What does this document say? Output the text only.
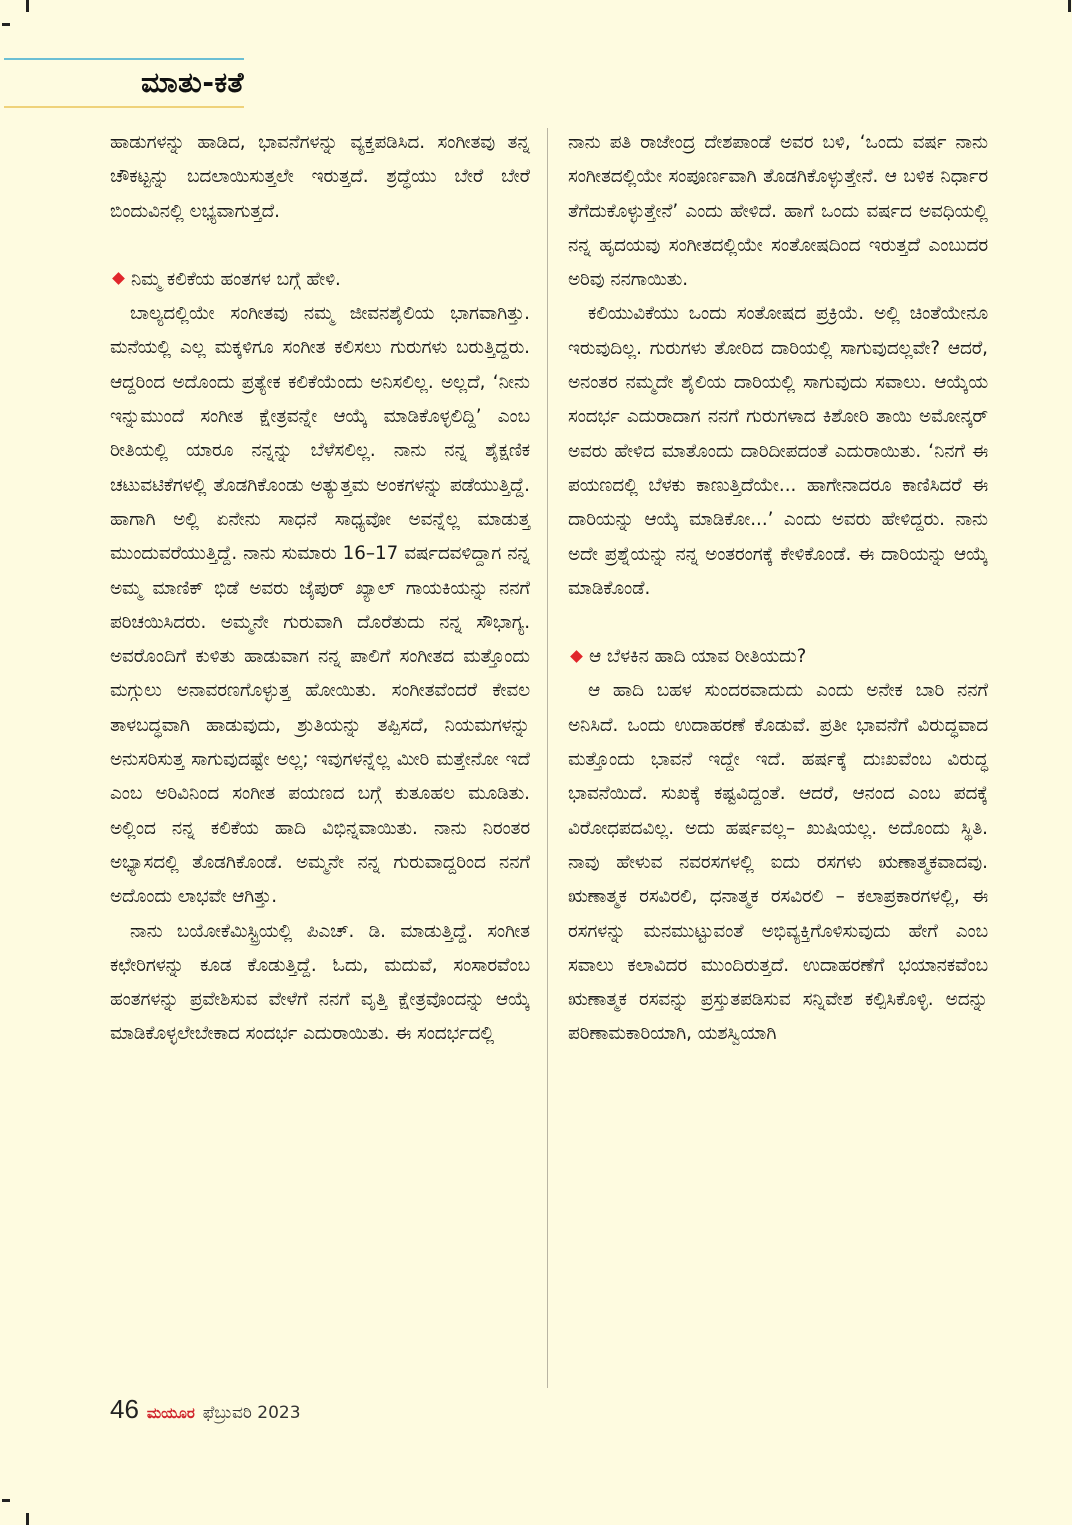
ಮಾತು-ಕತೆ

ಹಾಡುಗಳನ್ನು ಹಾಡಿದ, ಭಾವನೆಗಳನ್ನು ವ್ಯಕ್ತಪಡಿಸಿದ. ಸಂಗೀತವು ತನ್ನ ಚೌಕಟ್ಟನ್ನು ಬದಲಾಯಿಸುತ್ತಲೇ ಇರುತ್ತದೆ. ಶ್ರದ್ಧೆಯು ಬೇರೆ ಬೇರೆ ಬಿಂದುವಿನಲ್ಲಿ ಲಭ್ಯವಾಗುತ್ತದೆ.

ನಿಮ್ಮ ಕಲಿಕೆಯ ಹಂತಗಳ ಬಗ್ಗೆ ಹೇಳಿ.

ಬಾಲ್ಯದಲ್ಲಿಯೇ ಸಂಗೀತವು ನಮ್ಮ ಜೀವನಶೈಲಿಯ ಭಾಗವಾಗಿತ್ತು. ಮನೆಯಲ್ಲಿ ಎಲ್ಲ ಮಕ್ಕಳಿಗೂ ಸಂಗೀತ ಕಲಿಸಲು ಗುರುಗಳು ಬರುತ್ತಿದ್ದರು. ಆದ್ದರಿಂದ ಅದೊಂದು ಪ್ರತ್ಯೇಕ ಕಲಿಕೆಯೆಂದು ಅನಿಸಲಿಲ್ಲ. ಅಲ್ಲದೆ, ‘ನೀನು ಇನ್ನುಮುಂದೆ ಸಂಗೀತ ಕ್ಷೇತ್ರವನ್ನೇ ಆಯ್ಕೆ ಮಾಡಿಕೊಳ್ಳಲಿದ್ದಿ’ ಎಂಬ ರೀತಿಯಲ್ಲಿ ಯಾರೂ ನನ್ನನ್ನು ಬೆಳೆಸಲಿಲ್ಲ. ನಾನು ನನ್ನ ಶೈಕ್ಷಣಿಕ ಚಟುವಟಿಕೆಗಳಲ್ಲಿ ತೊಡಗಿಕೊಂಡು ಅತ್ಯುತ್ತಮ ಅಂಕಗಳನ್ನು ಪಡೆಯುತ್ತಿದ್ದೆ. ಹಾಗಾಗಿ ಅಲ್ಲಿ ಏನೇನು ಸಾಧನೆ ಸಾಧ್ಯವೋ ಅವನ್ನೆಲ್ಲ ಮಾಡುತ್ತ ಮುಂದುವರೆಯುತ್ತಿದ್ದೆ. ನಾನು ಸುಮಾರು 16–17 ವರ್ಷದವಳಿದ್ದಾಗ ನನ್ನ ಅಮ್ಮ ಮಾಣಿಕ್ ಭಿಡೆ ಅವರು ಜೈಪುರ್ ಖ್ಯಾಲ್ ಗಾಯಕಿಯನ್ನು ನನಗೆ ಪರಿಚಯಿಸಿದರು. ಅಮ್ಮನೇ ಗುರುವಾಗಿ ದೊರೆತುದು ನನ್ನ ಸೌಭಾಗ್ಯ. ಅವರೊಂದಿಗೆ ಕುಳಿತು ಹಾಡುವಾಗ ನನ್ನ ಪಾಲಿಗೆ ಸಂಗೀತದ ಮತ್ತೊಂದು ಮಗ್ಗುಲು ಅನಾವರಣಗೊಳ್ಳುತ್ತ ಹೋಯಿತು. ಸಂಗೀತವೆಂದರೆ ಕೇವಲ ತಾಳಬದ್ಧವಾಗಿ ಹಾಡುವುದು, ಶ್ರುತಿಯನ್ನು ತಪ್ಪಿಸದೆ, ನಿಯಮಗಳನ್ನು ಅನುಸರಿಸುತ್ತ ಸಾಗುವುದಷ್ಟೇ ಅಲ್ಲ; ಇವುಗಳನ್ನೆಲ್ಲ ಮೀರಿ ಮತ್ತೇನೋ ಇದೆ ಎಂಬ ಅರಿವಿನಿಂದ ಸಂಗೀತ ಪಯಣದ ಬಗ್ಗೆ ಕುತೂಹಲ ಮೂಡಿತು. ಅಲ್ಲಿಂದ ನನ್ನ ಕಲಿಕೆಯ ಹಾದಿ ವಿಭಿನ್ನವಾಯಿತು. ನಾನು ನಿರಂತರ ಅಭ್ಯಾಸದಲ್ಲಿ ತೊಡಗಿಕೊಂಡೆ. ಅಮ್ಮನೇ ನನ್ನ ಗುರುವಾದ್ದರಿಂದ ನನಗೆ ಅದೊಂದು ಲಾಭವೇ ಆಗಿತ್ತು.

ನಾನು ಬಯೋಕೆಮಿಸ್ಟ್ರಿಯಲ್ಲಿ ಪಿಎಚ್. ಡಿ. ಮಾಡುತ್ತಿದ್ದೆ. ಸಂಗೀತ ಕಛೇರಿಗಳನ್ನು ಕೂಡ ಕೊಡುತ್ತಿದ್ದೆ. ಓದು, ಮದುವೆ, ಸಂಸಾರವೆಂಬ ಹಂತಗಳನ್ನು ಪ್ರವೇಶಿಸುವ ವೇಳೆಗೆ ನನಗೆ ವೃತ್ತಿ ಕ್ಷೇತ್ರವೊಂದನ್ನು ಆಯ್ಕೆ ಮಾಡಿಕೊಳ್ಳಲೇಬೇಕಾದ ಸಂದರ್ಭ ಎದುರಾಯಿತು. ಈ ಸಂದರ್ಭದಲ್ಲಿ

ನಾನು ಪತಿ ರಾಜೇಂದ್ರ ದೇಶಪಾಂಡೆ ಅವರ ಬಳಿ, ‘ಒಂದು ವರ್ಷ ನಾನು ಸಂಗೀತದಲ್ಲಿಯೇ ಸಂಪೂರ್ಣವಾಗಿ ತೊಡಗಿಕೊಳ್ಳುತ್ತೇನೆ. ಆ ಬಳಿಕ ನಿರ್ಧಾರ ತೆಗೆದುಕೊಳ್ಳುತ್ತೇನೆ’ ಎಂದು ಹೇಳಿದೆ. ಹಾಗೆ ಒಂದು ವರ್ಷದ ಅವಧಿಯಲ್ಲಿ ನನ್ನ ಹೃದಯವು ಸಂಗೀತದಲ್ಲಿಯೇ ಸಂತೋಷದಿಂದ ಇರುತ್ತದೆ ಎಂಬುದರ ಅರಿವು ನನಗಾಯಿತು.

ಕಲಿಯುವಿಕೆಯು ಒಂದು ಸಂತೋಷದ ಪ್ರಕ್ರಿಯೆ. ಅಲ್ಲಿ ಚಿಂತೆಯೇನೂ ಇರುವುದಿಲ್ಲ. ಗುರುಗಳು ತೋರಿದ ದಾರಿಯಲ್ಲಿ ಸಾಗುವುದಲ್ಲವೇ? ಆದರೆ, ಅನಂತರ ನಮ್ಮದೇ ಶೈಲಿಯ ದಾರಿಯಲ್ಲಿ ಸಾಗುವುದು ಸವಾಲು. ಆಯ್ಕೆಯ ಸಂದರ್ಭ ಎದುರಾದಾಗ ನನಗೆ ಗುರುಗಳಾದ ಕಿಶೋರಿ ತಾಯಿ ಅಮೋನ್ಕರ್ ಅವರು ಹೇಳಿದ ಮಾತೊಂದು ದಾರಿದೀಪದಂತೆ ಎದುರಾಯಿತು. ‘ನಿನಗೆ ಈ ಪಯಣದಲ್ಲಿ ಬೆಳಕು ಕಾಣುತ್ತಿದೆಯೇ... ಹಾಗೇನಾದರೂ ಕಾಣಿಸಿದರೆ ಈ ದಾರಿಯನ್ನು ಆಯ್ಕೆ ಮಾಡಿಕೋ...’ ಎಂದು ಅವರು ಹೇಳಿದ್ದರು. ನಾನು ಅದೇ ಪ್ರಶ್ನೆಯನ್ನು ನನ್ನ ಅಂತರಂಗಕ್ಕೆ ಕೇಳಿಕೊಂಡೆ. ಈ ದಾರಿಯನ್ನು ಆಯ್ಕೆ ಮಾಡಿಕೊಂಡೆ.

ಆ ಬೆಳಕಿನ ಹಾದಿ ಯಾವ ರೀತಿಯದು?

ಆ ಹಾದಿ ಬಹಳ ಸುಂದರವಾದುದು ಎಂದು ಅನೇಕ ಬಾರಿ ನನಗೆ ಅನಿಸಿದೆ. ಒಂದು ಉದಾಹರಣೆ ಕೊಡುವೆ. ಪ್ರತೀ ಭಾವನೆಗೆ ವಿರುದ್ಧವಾದ ಮತ್ತೊಂದು ಭಾವನೆ ಇದ್ದೇ ಇದೆ. ಹರ್ಷಕ್ಕೆ ದುಃಖವೆಂಬ ವಿರುದ್ಧ ಭಾವನೆಯಿದೆ. ಸುಖಕ್ಕೆ ಕಷ್ಟವಿದ್ದಂತೆ. ಆದರೆ, ಆನಂದ ಎಂಬ ಪದಕ್ಕೆ ವಿರೋಧಪದವಿಲ್ಲ. ಅದು ಹರ್ಷವಲ್ಲ– ಖುಷಿಯಲ್ಲ. ಅದೊಂದು ಸ್ಥಿತಿ. ನಾವು ಹೇಳುವ ನವರಸಗಳಲ್ಲಿ ಐದು ರಸಗಳು ಋಣಾತ್ಮಕವಾದವು. ಋಣಾತ್ಮಕ ರಸವಿರಲಿ, ಧನಾತ್ಮಕ ರಸವಿರಲಿ – ಕಲಾಪ್ರಕಾರಗಳಲ್ಲಿ, ಈ ರಸಗಳನ್ನು ಮನಮುಟ್ಟುವಂತೆ ಅಭಿವ್ಯಕ್ತಿಗೊಳಿಸುವುದು ಹೇಗೆ ಎಂಬ ಸವಾಲು ಕಲಾವಿದರ ಮುಂದಿರುತ್ತದೆ. ಉದಾಹರಣೆಗೆ ಭಯಾನಕವೆಂಬ ಋಣಾತ್ಮಕ ರಸವನ್ನು ಪ್ರಸ್ತುತಪಡಿಸುವ ಸನ್ನಿವೇಶ ಕಲ್ಪಿಸಿಕೊಳ್ಳಿ. ಅದನ್ನು ಪರಿಣಾಮಕಾರಿಯಾಗಿ, ಯಶಸ್ವಿಯಾಗಿ

46 ಮಯೂರ ಫೆಬ್ರುವರಿ 2023
